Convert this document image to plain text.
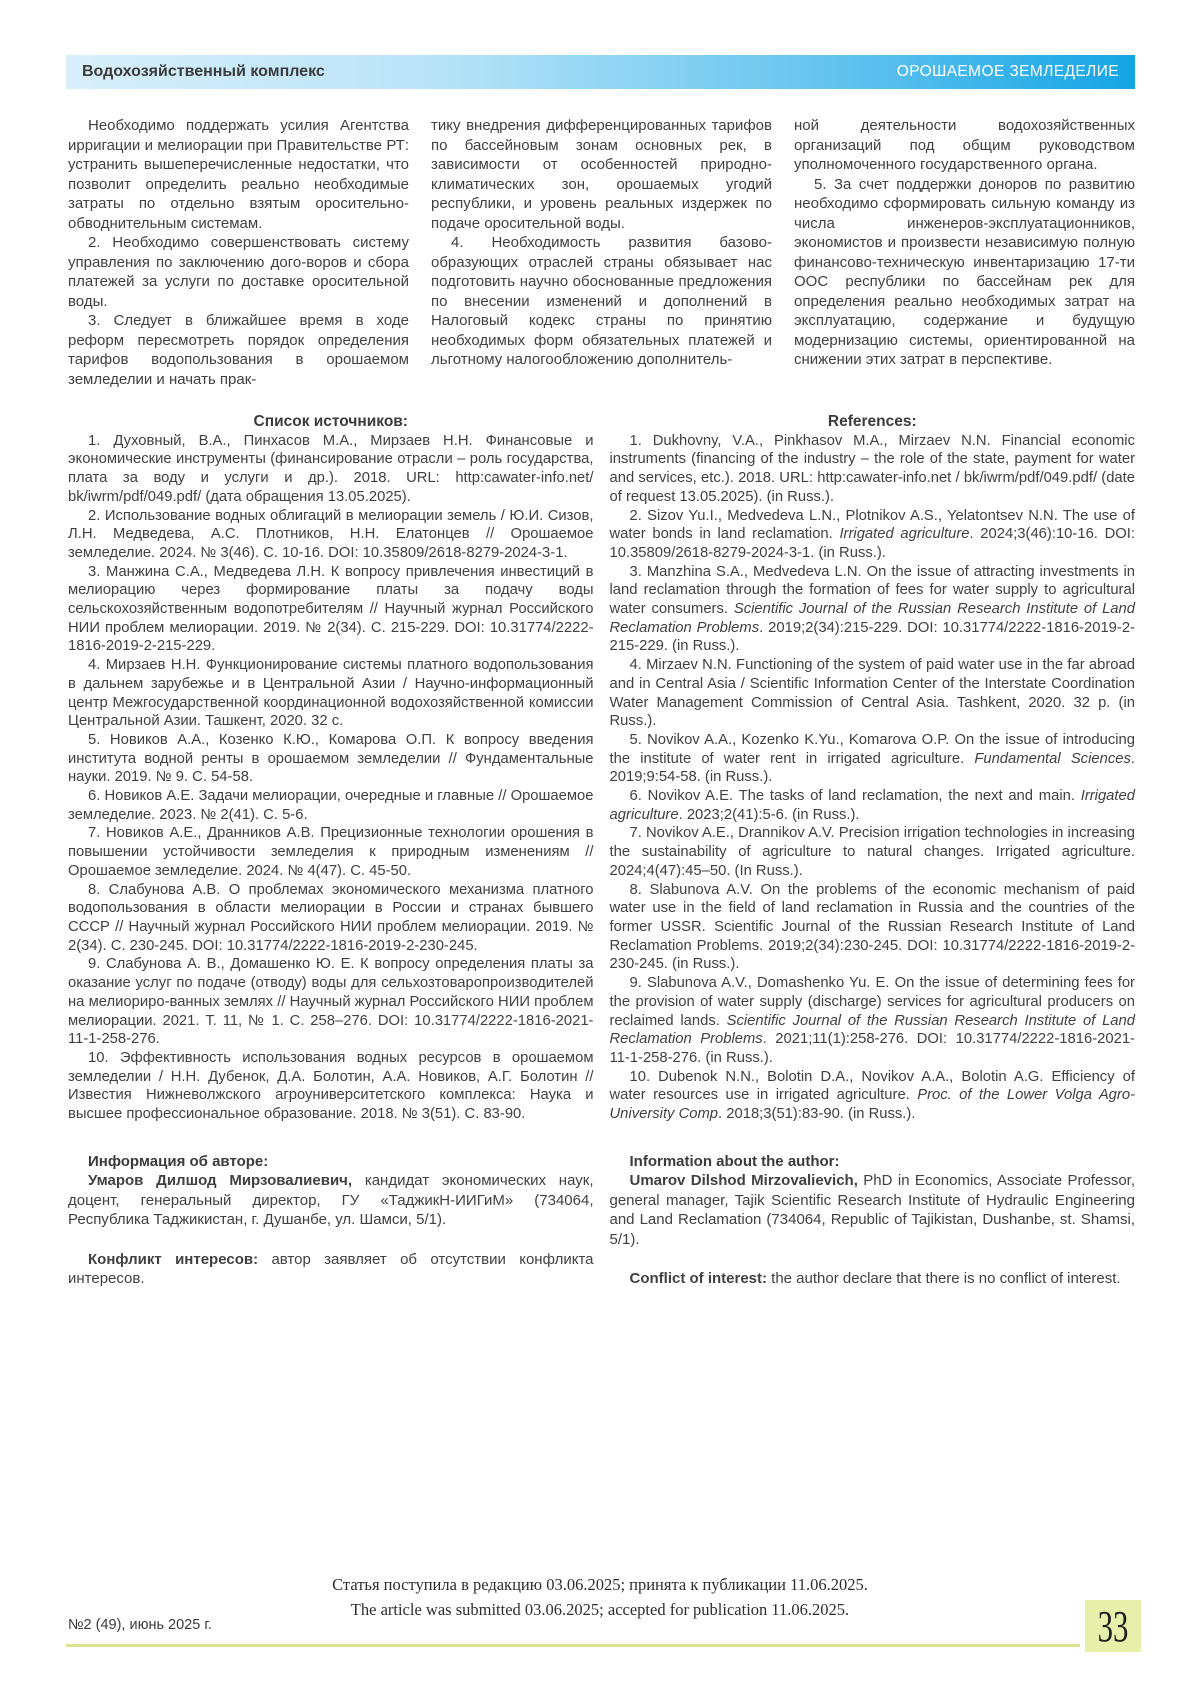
Водохозяйственный комплекс	ОРОШАЕМОЕ ЗЕМЛЕДЕЛИЕ

Необходимо поддержать усилия Агентства ирригации и мелиорации при Правительстве РТ: устранить вышеперечисленные недостатки, что позволит определить реально необходимые затраты по отдельно взятым оросительно-обводнительным системам.

2. Необходимо совершенствовать систему управления по заключению дого-воров и сбора платежей за услуги по доставке оросительной воды.

3. Следует в ближайшее время в ходе реформ пересмотреть порядок определения тарифов водопользования в орошаемом земледелии и начать прак-

тику внедрения дифференцированных тарифов по бассейновым зонам основных рек, в зависимости от особенностей природно-климатических зон, орошаемых угодий республики, и уровень реальных издержек по подаче оросительной воды.

4. Необходимость развития базово-образующих отраслей страны обязывает нас подготовить научно обоснованные предложения по внесении изменений и дополнений в Налоговый кодекс страны по принятию необходимых форм обязательных платежей и льготному налогообложению дополнитель-

ной деятельности водохозяйственных организаций под общим руководством уполномоченного государственного органа.

5. За счет поддержки доноров по развитию необходимо сформировать сильную команду из числа инженеров-эксплуатационников, экономистов и произвести независимую полную финансово-техническую инвентаризацию 17-ти ООС республики по бассейнам рек для определения реально необходимых затрат на эксплуатацию, содержание и будущую модернизацию системы, ориентированной на снижении этих затрат в перспективе.

Список источников:

1. Духовный, В.А., Пинхасов М.А., Мирзаев Н.Н. Финансовые и экономические инструменты (финансирование отрасли – роль государства, плата за воду и услуги и др.). 2018. URL: http:cawater-info.net/ bk/iwrm/pdf/049.pdf/ (дата обращения 13.05.2025).

2. Использование водных облигаций в мелиорации земель / Ю.И. Сизов, Л.Н. Медведева, А.С. Плотников, Н.Н. Елатонцев // Орошаемое земледелие. 2024. № 3(46). С. 10-16. DOI: 10.35809/2618-8279-2024-3-1.

3. Манжина С.А., Медведева Л.Н. К вопросу привлечения инвестиций в мелиорацию через формирование платы за подачу воды сельскохозяйственным водопотребителям // Научный журнал Российского НИИ проблем мелиорации. 2019. № 2(34). С. 215-229. DOI: 10.31774/2222-1816-2019-2-215-229.

4. Мирзаев Н.Н. Функционирование системы платного водопользования в дальнем зарубежье и в Центральной Азии / Научно-информационный центр Межгосударственной координационной водохозяйственной комиссии Центральной Азии. Ташкент, 2020. 32 с.

5. Новиков А.А., Козенко К.Ю., Комарова О.П. К вопросу введения института водной ренты в орошаемом земледелии // Фундаментальные науки. 2019. № 9. С. 54-58.

6. Новиков А.Е. Задачи мелиорации, очередные и главные // Орошаемое земледелие. 2023. № 2(41). С. 5-6.

7. Новиков А.Е., Дранников А.В. Прецизионные технологии орошения в повышении устойчивости земледелия к природным изменениям // Орошаемое земледелие. 2024. № 4(47). С. 45-50.

8. Слабунова А.В. О проблемах экономического механизма платного водопользования в области мелиорации в России и странах бывшего СССР // Научный журнал Российского НИИ проблем мелиорации. 2019. № 2(34). С. 230-245. DOI: 10.31774/2222-1816-2019-2-230-245.

9. Слабунова А. В., Домашенко Ю. Е. К вопросу определения платы за оказание услуг по подаче (отводу) воды для сельхозтоваропроизводителей на мелиориро-ванных землях // Научный журнал Российского НИИ проблем мелиорации. 2021. Т. 11, № 1. С. 258–276. DOI: 10.31774/2222-1816-2021-11-1-258-276.

10. Эффективность использования водных ресурсов в орошаемом земледелии / Н.Н. Дубенок, Д.А. Болотин, А.А. Новиков, А.Г. Болотин // Известия Нижневолжского агроуниверситетского комплекса: Наука и высшее профессиональное образование. 2018. № 3(51). С. 83-90.

References:

1. Dukhovny, V.A., Pinkhasov M.A., Mirzaev N.N. Financial economic instruments (financing of the industry – the role of the state, payment for water and services, etc.). 2018. URL: http:cawater-info.net / bk/iwrm/pdf/049.pdf/ (date of request 13.05.2025). (in Russ.).

2. Sizov Yu.I., Medvedeva L.N., Plotnikov A.S., Yelatontsev N.N. The use of water bonds in land reclamation. Irrigated agriculture. 2024;3(46):10-16. DOI: 10.35809/2618-8279-2024-3-1. (in Russ.).

3. Manzhina S.A., Medvedeva L.N. On the issue of attracting investments in land reclamation through the formation of fees for water supply to agricultural water consumers. Scientific Journal of the Russian Research Institute of Land Reclamation Problems. 2019;2(34):215-229. DOI: 10.31774/2222-1816-2019-2-215-229. (in Russ.).

4. Mirzaev N.N. Functioning of the system of paid water use in the far abroad and in Central Asia / Scientific Information Center of the Interstate Coordination Water Management Commission of Central Asia. Tashkent, 2020. 32 p. (in Russ.).

5. Novikov A.A., Kozenko K.Yu., Komarova O.P. On the issue of introducing the institute of water rent in irrigated agriculture. Fundamental Sciences. 2019;9:54-58. (in Russ.).

6. Novikov A.E. The tasks of land reclamation, the next and main. Irrigated agriculture. 2023;2(41):5-6. (in Russ.).

7. Novikov A.E., Drannikov A.V. Precision irrigation technologies in increasing the sustainability of agriculture to natural changes. Irrigated agriculture. 2024;4(47):45–50. (In Russ.).

8. Slabunova A.V. On the problems of the economic mechanism of paid water use in the field of land reclamation in Russia and the countries of the former USSR. Scientific Journal of the Russian Research Institute of Land Reclamation Problems. 2019;2(34):230-245. DOI: 10.31774/2222-1816-2019-2-230-245. (in Russ.).

9. Slabunova A.V., Domashenko Yu. E. On the issue of determining fees for the provision of water supply (discharge) services for agricultural producers on reclaimed lands. Scientific Journal of the Russian Research Institute of Land Reclamation Problems. 2021;11(1):258-276. DOI: 10.31774/2222-1816-2021-11-1-258-276. (in Russ.).

10. Dubenok N.N., Bolotin D.A., Novikov A.A., Bolotin A.G. Efficiency of water resources use in irrigated agriculture. Proc. of the Lower Volga Agro-University Comp. 2018;3(51):83-90. (in Russ.).

Информация об авторе:

Умаров Дилшод Мирзовалиевич, кандидат экономических наук, доцент, генеральный директор, ГУ «ТаджикН-ИИГиМ» (734064, Республика Таджикистан, г. Душанбе, ул. Шамси, 5/1).

Конфликт интересов: автор заявляет об отсутствии конфликта интересов.

Information about the author:

Umarov Dilshod Mirzovalievich, PhD in Economics, Associate Professor, general manager, Tajik Scientific Research Institute of Hydraulic Engineering and Land Reclamation (734064, Republic of Tajikistan, Dushanbe, st. Shamsi, 5/1).

Conflict of interest: the author declare that there is no conflict of interest.

Статья поступила в редакцию 03.06.2025; принята к публикации 11.06.2025.
The article was submitted 03.06.2025; accepted for publication 11.06.2025.
№2 (49), июнь 2025 г.	33
